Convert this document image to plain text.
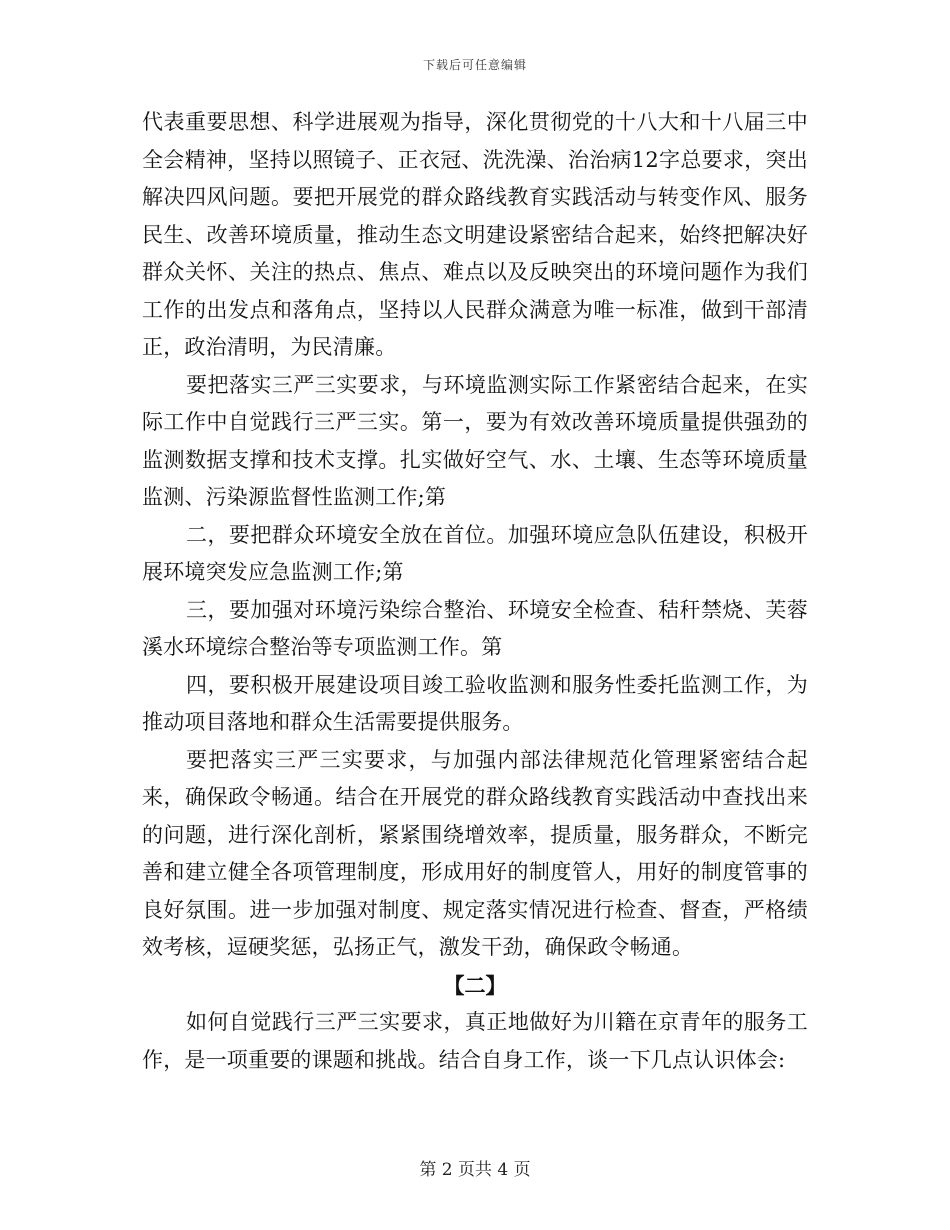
下载后可任意编辑

代表重要思想、科学进展观为指导，深化贯彻党的十八大和十八届三中全会精神，坚持以照镜子、正衣冠、洗洗澡、治治病12字总要求，突出解决四风问题。要把开展党的群众路线教育实践活动与转变作风、服务民生、改善环境质量，推动生态文明建设紧密结合起来，始终把解决好群众关怀、关注的热点、焦点、难点以及反映突出的环境问题作为我们工作的出发点和落角点，坚持以人民群众满意为唯一标准，做到干部清正，政治清明，为民清廉。

要把落实三严三实要求，与环境监测实际工作紧密结合起来，在实际工作中自觉践行三严三实。第一，要为有效改善环境质量提供强劲的监测数据支撑和技术支撑。扎实做好空气、水、土壤、生态等环境质量监测、污染源监督性监测工作;第

二，要把群众环境安全放在首位。加强环境应急队伍建设，积极开展环境突发应急监测工作;第

三，要加强对环境污染综合整治、环境安全检查、秸秆禁烧、芙蓉溪水环境综合整治等专项监测工作。第

四，要积极开展建设项目竣工验收监测和服务性委托监测工作，为推动项目落地和群众生活需要提供服务。

要把落实三严三实要求，与加强内部法律规范化管理紧密结合起来，确保政令畅通。结合在开展党的群众路线教育实践活动中查找出来的问题，进行深化剖析，紧紧围绕增效率，提质量，服务群众，不断完善和建立健全各项管理制度，形成用好的制度管人，用好的制度管事的良好氛围。进一步加强对制度、规定落实情况进行检查、督查，严格绩效考核，逗硬奖惩，弘扬正气，激发干劲，确保政令畅通。

【二】

如何自觉践行三严三实要求，真正地做好为川籍在京青年的服务工作，是一项重要的课题和挑战。结合自身工作，谈一下几点认识体会:

第 2 页共 4 页
